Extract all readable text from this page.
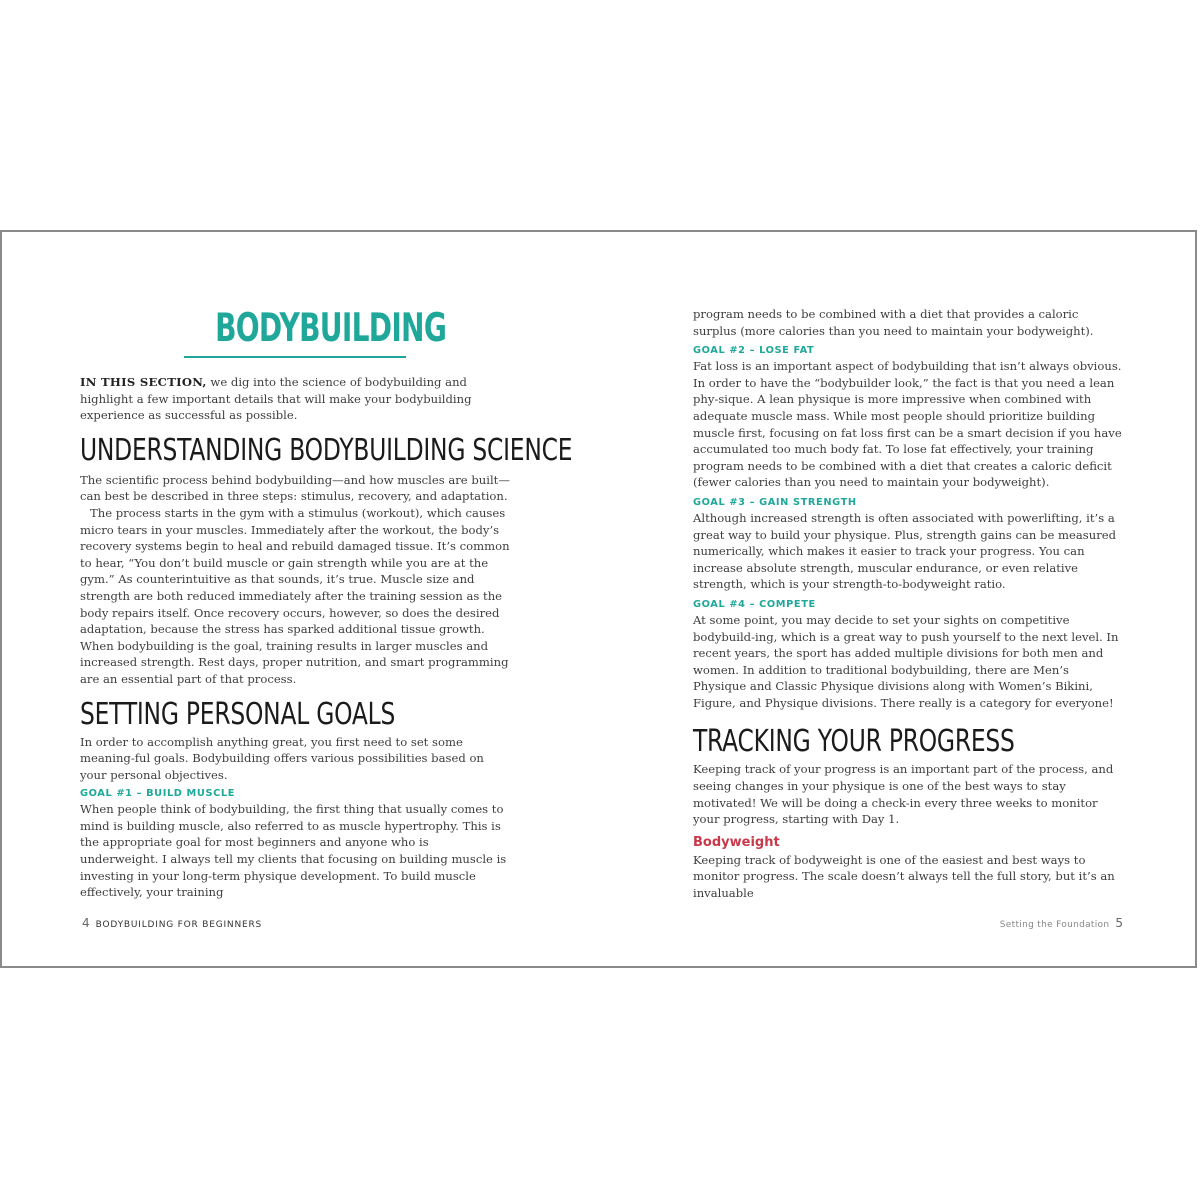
BODYBUILDING

IN THIS SECTION, we dig into the science of bodybuilding and highlight a few important details that will make your bodybuilding experience as successful as possible.

UNDERSTANDING BODYBUILDING SCIENCE

The scientific process behind bodybuilding—and how muscles are built—can best be described in three steps: stimulus, recovery, and adaptation.

The process starts in the gym with a stimulus (workout), which causes micro tears in your muscles. Immediately after the workout, the body’s recovery systems begin to heal and rebuild damaged tissue. It’s common to hear, “You don’t build muscle or gain strength while you are at the gym.” As counterintuitive as that sounds, it’s true. Muscle size and strength are both reduced immediately after the training session as the body repairs itself. Once recovery occurs, however, so does the desired adaptation, because the stress has sparked additional tissue growth. When bodybuilding is the goal, training results in larger muscles and increased strength. Rest days, proper nutrition, and smart programming are an essential part of that process.

SETTING PERSONAL GOALS

In order to accomplish anything great, you first need to set some meaning-ful goals. Bodybuilding offers various possibilities based on your personal objectives.

GOAL #1 – BUILD MUSCLE

When people think of bodybuilding, the first thing that usually comes to mind is building muscle, also referred to as muscle hypertrophy. This is the appropriate goal for most beginners and anyone who is underweight. I always tell my clients that focusing on building muscle is investing in your long-term physique development. To build muscle effectively, your training

4 BODYBUILDING FOR BEGINNERS

program needs to be combined with a diet that provides a caloric surplus (more calories than you need to maintain your bodyweight).

GOAL #2 – LOSE FAT

Fat loss is an important aspect of bodybuilding that isn’t always obvious. In order to have the “bodybuilder look,” the fact is that you need a lean phy-sique. A lean physique is more impressive when combined with adequate muscle mass. While most people should prioritize building muscle first, focusing on fat loss first can be a smart decision if you have accumulated too much body fat. To lose fat effectively, your training program needs to be combined with a diet that creates a caloric deficit (fewer calories than you need to maintain your bodyweight).

GOAL #3 – GAIN STRENGTH

Although increased strength is often associated with powerlifting, it’s a great way to build your physique. Plus, strength gains can be measured numerically, which makes it easier to track your progress. You can increase absolute strength, muscular endurance, or even relative strength, which is your strength-to-bodyweight ratio.

GOAL #4 – COMPETE

At some point, you may decide to set your sights on competitive bodybuild-ing, which is a great way to push yourself to the next level. In recent years, the sport has added multiple divisions for both men and women. In addition to traditional bodybuilding, there are Men’s Physique and Classic Physique divisions along with Women’s Bikini, Figure, and Physique divisions. There really is a category for everyone!

TRACKING YOUR PROGRESS

Keeping track of your progress is an important part of the process, and seeing changes in your physique is one of the best ways to stay motivated! We will be doing a check-in every three weeks to monitor your progress, starting with Day 1.

Bodyweight

Keeping track of bodyweight is one of the easiest and best ways to monitor progress. The scale doesn’t always tell the full story, but it’s an invaluable

Setting the Foundation 5
